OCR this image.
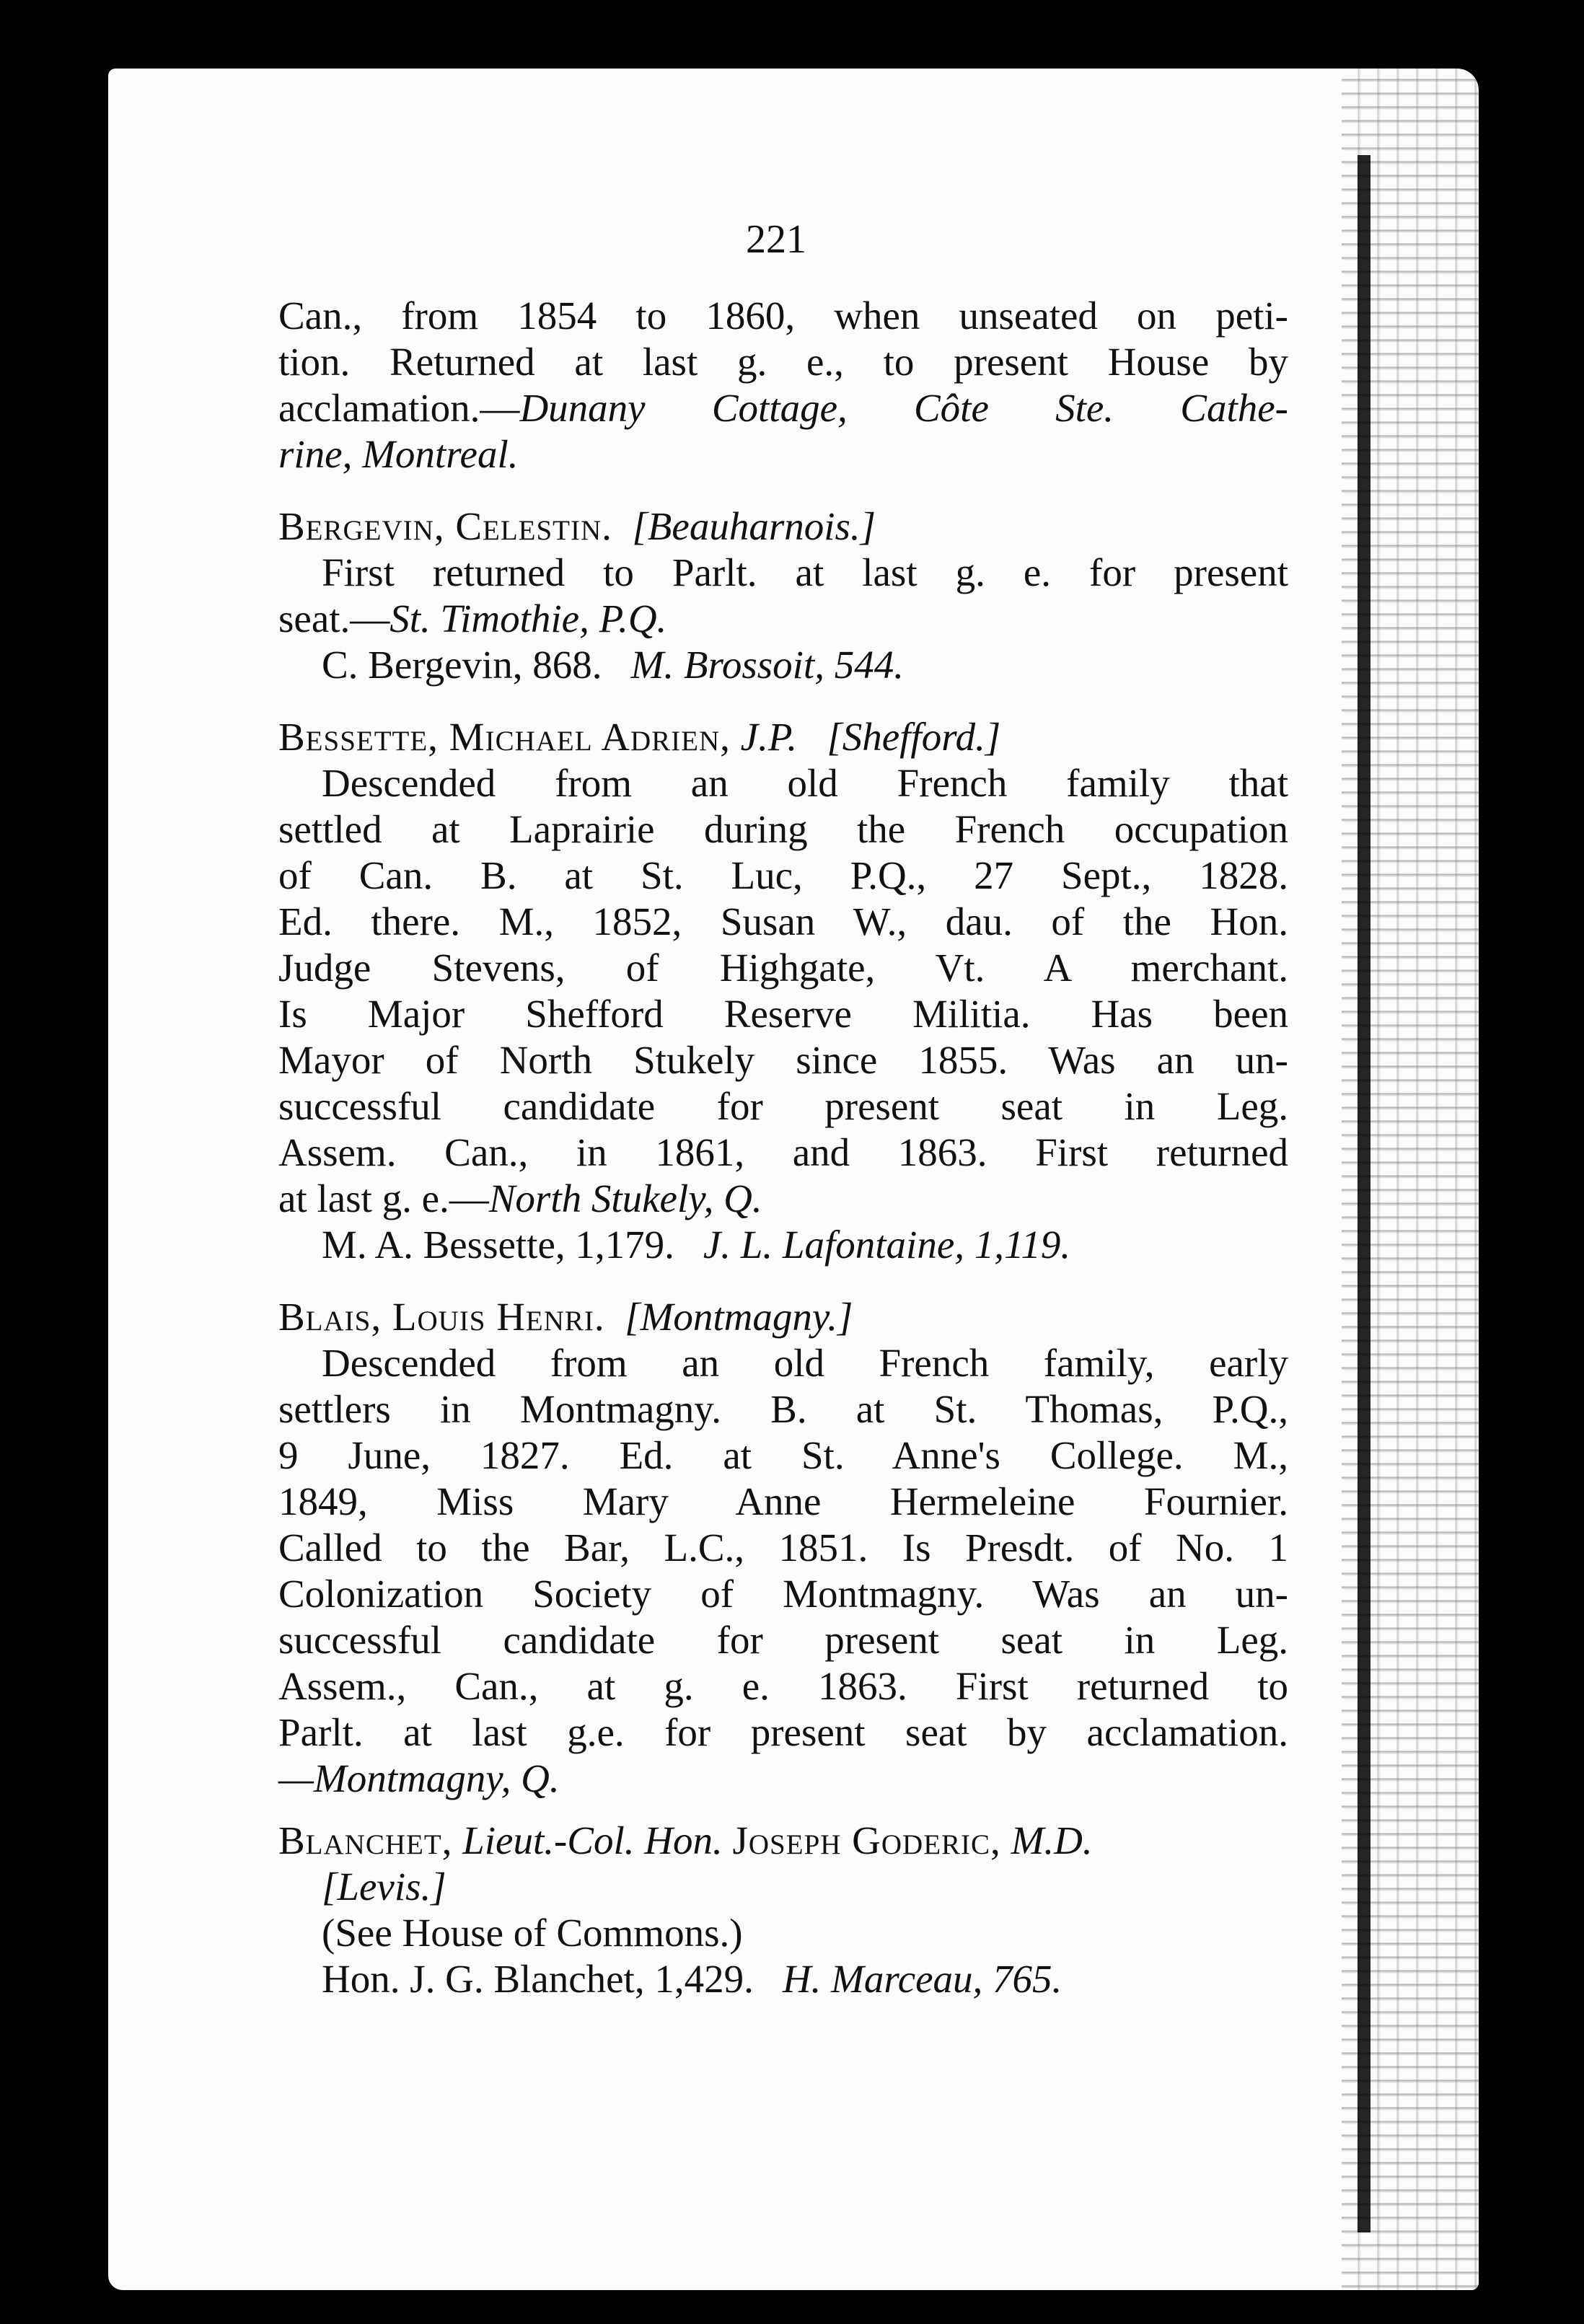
221
Can., from 1854 to 1860, when unseated on peti-
tion. Returned at last g. e., to present House by
acclamation.—Dunany Cottage, Côte Ste. Cathe-
rine, Montreal.
Bergevin, Celestin. [Beauharnois.]
First returned to Parlt. at last g. e. for present
seat.—St. Timothie, P.Q.
C. Bergevin, 868. M. Brossoit, 544.
Bessette, Michael Adrien, J.P. [Shefford.]
Descended from an old French family that
settled at Laprairie during the French occupation
of Can. B. at St. Luc, P.Q., 27 Sept., 1828.
Ed. there. M., 1852, Susan W., dau. of the Hon.
Judge Stevens, of Highgate, Vt. A merchant.
Is Major Shefford Reserve Militia. Has been
Mayor of North Stukely since 1855. Was an un-
successful candidate for present seat in Leg.
Assem. Can., in 1861, and 1863. First returned
at last g. e.—North Stukely, Q.
M. A. Bessette, 1,179. J. L. Lafontaine, 1,119.
Blais, Louis Henri. [Montmagny.]
Descended from an old French family, early
settlers in Montmagny. B. at St. Thomas, P.Q.,
9 June, 1827. Ed. at St. Anne's College. M.,
1849, Miss Mary Anne Hermeleine Fournier.
Called to the Bar, L.C., 1851. Is Presdt. of No. 1
Colonization Society of Montmagny. Was an un-
successful candidate for present seat in Leg.
Assem., Can., at g. e. 1863. First returned to
Parlt. at last g.e. for present seat by acclamation.
—Montmagny, Q.
Blanchet, Lieut.-Col. Hon. Joseph Goderic, M.D.
[Levis.]
(See House of Commons.)
Hon. J. G. Blanchet, 1,429. H. Marceau, 765.
